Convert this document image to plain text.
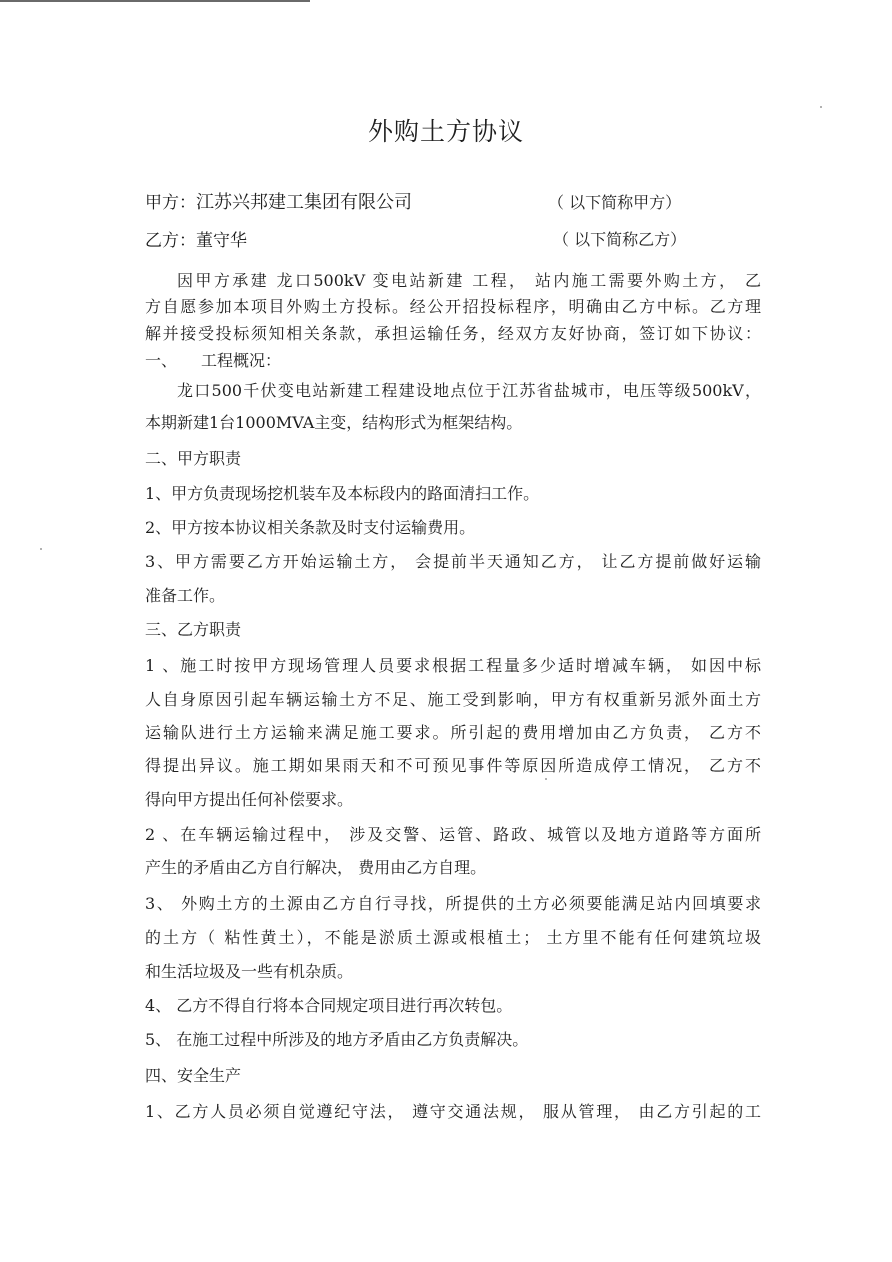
外购土方协议
甲方：江苏兴邦建工集团有限公司	（ 以下简称甲方）
乙方：董守华	（ 以下简称乙方）
因甲方承建 龙口500kV 变电站新建 工程， 站内施工需要外购土方， 乙
方自愿参加本项目外购土方投标。经公开招投标程序，明确由乙方中标。乙方理
解并接受投标须知相关条款，承担运输任务，经双方友好协商，签订如下协议：
一、　　工程概况：
龙口500千伏变电站新建工程建设地点位于江苏省盐城市，电压等级500kV，
本期新建1台1000MVA主变，结构形式为框架结构。
二、甲方职责
1、甲方负责现场挖机装车及本标段内的路面清扫工作。
2、甲方按本协议相关条款及时支付运输费用。
3、甲方需要乙方开始运输土方， 会提前半天通知乙方， 让乙方提前做好运输
准备工作。
三、乙方职责
1 、施工时按甲方现场管理人员要求根据工程量多少适时增减车辆， 如因中标
人自身原因引起车辆运输土方不足、施工受到影响，甲方有权重新另派外面土方
运输队进行土方运输来满足施工要求。所引起的费用增加由乙方负责， 乙方不
得提出异议。施工期如果雨天和不可预见事件等原因所造成停工情况， 乙方不
得向甲方提出任何补偿要求。
2 、在车辆运输过程中， 涉及交警、运管、路政、城管以及地方道路等方面所
产生的矛盾由乙方自行解决， 费用由乙方自理。
3、 外购土方的土源由乙方自行寻找，所提供的土方必须要能满足站内回填要求
的土方（ 粘性黄土），不能是淤质土源或根植土； 土方里不能有任何建筑垃圾
和生活垃圾及一些有机杂质。
4、 乙方不得自行将本合同规定项目进行再次转包。
5、 在施工过程中所涉及的地方矛盾由乙方负责解决。
四、安全生产
1、乙方人员必须自觉遵纪守法， 遵守交通法规， 服从管理， 由乙方引起的工
